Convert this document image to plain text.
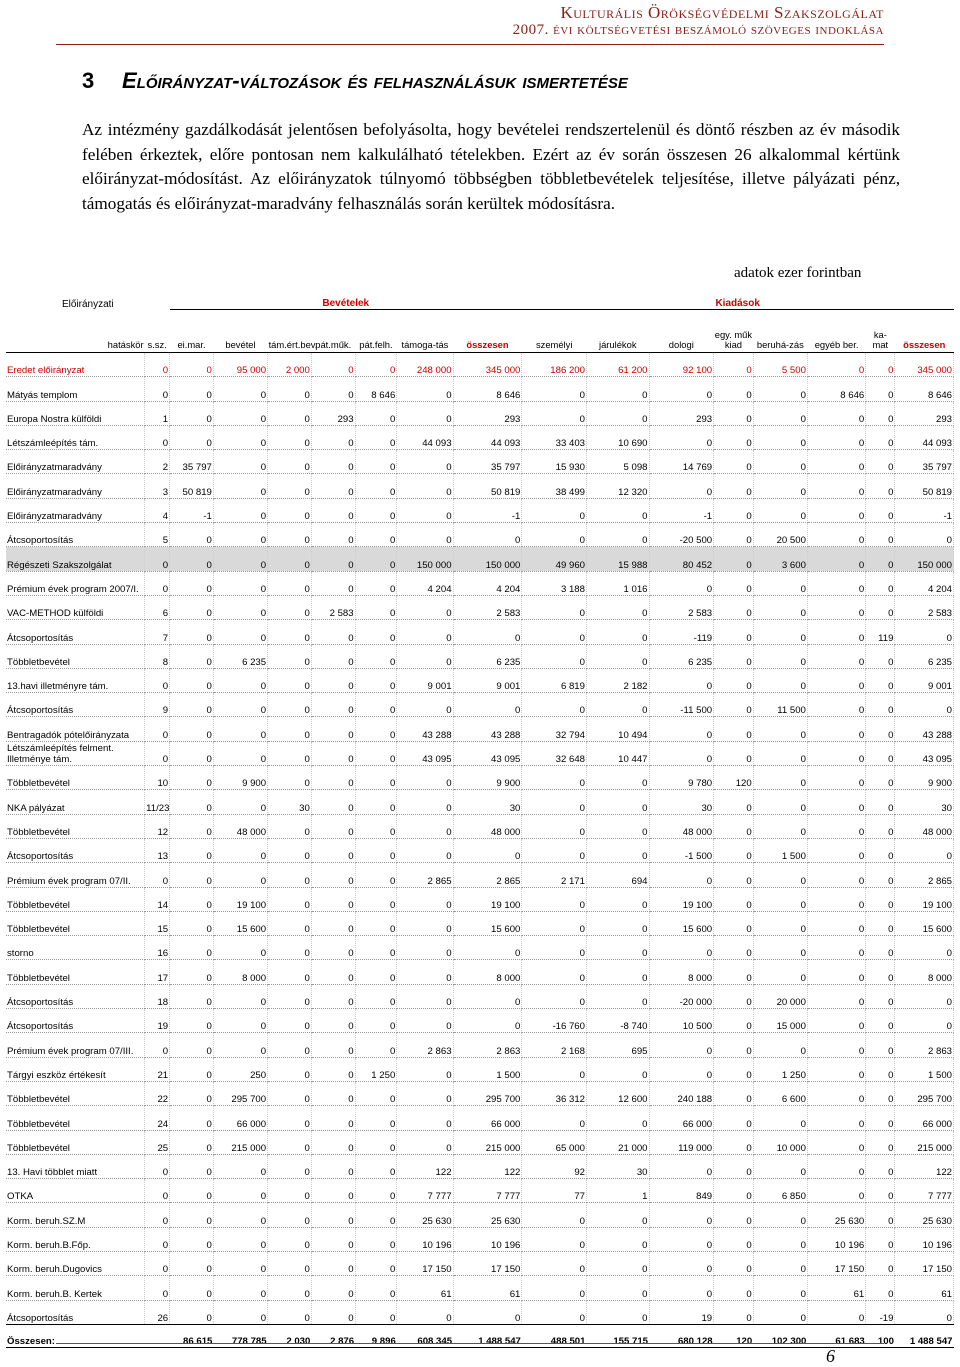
Kulturális Örökségvédelmi Szakszolgálat
2007. évi költségvetési beszámoló szöveges indoklása
3 Előirányzat-változások és felhasználásuk ismertetése
Az intézmény gazdálkodását jelentősen befolyásolta, hogy bevételei rendszertelenül és döntő részben az év második felében érkeztek, előre pontosan nem kalkulálható tételekben. Ezért az év során összesen 26 alkalommal kértünk előirányzat-módosítást. Az előirányzatok túlnyomó többségben többletbevételek teljesítése, illetve pályázati pénz, támogatás és előirányzat-maradvány felhasználás során kerültek módosításra.
adatok ezer forintban
Előirányzati		Bevételek							Kiadások							
hatáskör	s.sz.	ei.mar.	bevétel	tám.ért.bev.	pát.műk.	pát.felh.	támoga-tás	összesen	személyi	járulékok	dologi	egy. műk kiad	beruhá-zás	egyéb ber.	ka-mat	összesen
Eredet előirányzat	0	0	95 000	2 000	0	0	248 000	345 000	186 200	61 200	92 100	0	5 500	0	0	345 000
Mátyás templom	0	0	0	0	0	8 646	0	8 646	0	0	0	0	0	8 646	0	8 646
Europa Nostra külföldi	1	0	0	0	293	0	0	293	0	0	293	0	0	0	0	293
Létszámleépítés tám.	0	0	0	0	0	0	44 093	44 093	33 403	10 690	0	0	0	0	0	44 093
Előirányzatmaradvány	2	35 797	0	0	0	0	0	35 797	15 930	5 098	14 769	0	0	0	0	35 797
Előirányzatmaradvány	3	50 819	0	0	0	0	0	50 819	38 499	12 320	0	0	0	0	0	50 819
Előirányzatmaradvány	4	-1	0	0	0	0	0	-1	0	0	-1	0	0	0	0	-1
Átcsoportosítás	5	0	0	0	0	0	0	0	0	0	-20 500	0	20 500	0	0	0
Régészeti Szakszolgálat	0	0	0	0	0	0	150 000	150 000	49 960	15 988	80 452	0	3 600	0	0	150 000
Prémium évek program 2007/I.	0	0	0	0	0	0	4 204	4 204	3 188	1 016	0	0	0	0	0	4 204
VAC-METHOD külföldi	6	0	0	0	2 583	0	0	2 583	0	0	2 583	0	0	0	0	2 583
Átcsoportosítás	7	0	0	0	0	0	0	0	0	0	-119	0	0	0	119	0
Többletbevétel	8	0	6 235	0	0	0	0	6 235	0	0	6 235	0	0	0	0	6 235
13.havi illetményre tám.	0	0	0	0	0	0	9 001	9 001	6 819	2 182	0	0	0	0	0	9 001
Átcsoportosítás	9	0	0	0	0	0	0	0	0	0	-11 500	0	11 500	0	0	0
Bentragadók pótelőirányzata	0	0	0	0	0	0	43 288	43 288	32 794	10 494	0	0	0	0	0	43 288
Létszámleépítés felment. Illetménye tám.	0	0	0	0	0	0	43 095	43 095	32 648	10 447	0	0	0	0	0	43 095
Többletbevétel	10	0	9 900	0	0	0	0	9 900	0	0	9 780	120	0	0	0	9 900
NKA pályázat	11/23	0	0	30	0	0	0	30	0	0	30	0	0	0	0	30
Többletbevétel	12	0	48 000	0	0	0	0	48 000	0	0	48 000	0	0	0	0	48 000
Átcsoportosítás	13	0	0	0	0	0	0	0	0	0	-1 500	0	1 500	0	0	0
Prémium évek program 07/II.	0	0	0	0	0	0	2 865	2 865	2 171	694	0	0	0	0	0	2 865
Többletbevétel	14	0	19 100	0	0	0	0	19 100	0	0	19 100	0	0	0	0	19 100
Többletbevétel	15	0	15 600	0	0	0	0	15 600	0	0	15 600	0	0	0	0	15 600
storno	16	0	0	0	0	0	0	0	0	0	0	0	0	0	0	0
Többletbevétel	17	0	8 000	0	0	0	0	8 000	0	0	8 000	0	0	0	0	8 000
Átcsoportosítás	18	0	0	0	0	0	0	0	0	0	-20 000	0	20 000	0	0	0
Átcsoportosítás	19	0	0	0	0	0	0	0	-16 760	-8 740	10 500	0	15 000	0	0	0
Prémium évek program 07/III.	0	0	0	0	0	0	2 863	2 863	2 168	695	0	0	0	0	0	2 863
Tárgyi eszköz értékesít	21	0	250	0	0	1 250	0	1 500	0	0	0	0	1 250	0	0	1 500
Többletbevétel	22	0	295 700	0	0	0	0	295 700	36 312	12 600	240 188	0	6 600	0	0	295 700
Többletbevétel	24	0	66 000	0	0	0	0	66 000	0	0	66 000	0	0	0	0	66 000
Többletbevétel	25	0	215 000	0	0	0	0	215 000	65 000	21 000	119 000	0	10 000	0	0	215 000
13. Havi többlet miatt	0	0	0	0	0	0	122	122	92	30	0	0	0	0	0	122
OTKA	0	0	0	0	0	0	7 777	7 777	77	1	849	0	6 850	0	0	7 777
Korm. beruh.SZ.M	0	0	0	0	0	0	25 630	25 630	0	0	0	0	0	25 630	0	25 630
Korm. beruh.B.Főp.	0	0	0	0	0	0	10 196	10 196	0	0	0	0	0	10 196	0	10 196
Korm. beruh.Dugovics	0	0	0	0	0	0	17 150	17 150	0	0	0	0	0	17 150	0	17 150
Korm. beruh.B. Kertek	0	0	0	0	0	0	61	61	0	0	0	0	0	61	0	61
Átcsoportosítás	26	0	0	0	0	0	0	0	0	0	19	0	0	0	-19	0
Összesen:		86 615	778 785	2 030	2 876	9 896	608 345	1 488 547	488 501	155 715	680 128	120	102 300	61 683	100	1 488 547
6
